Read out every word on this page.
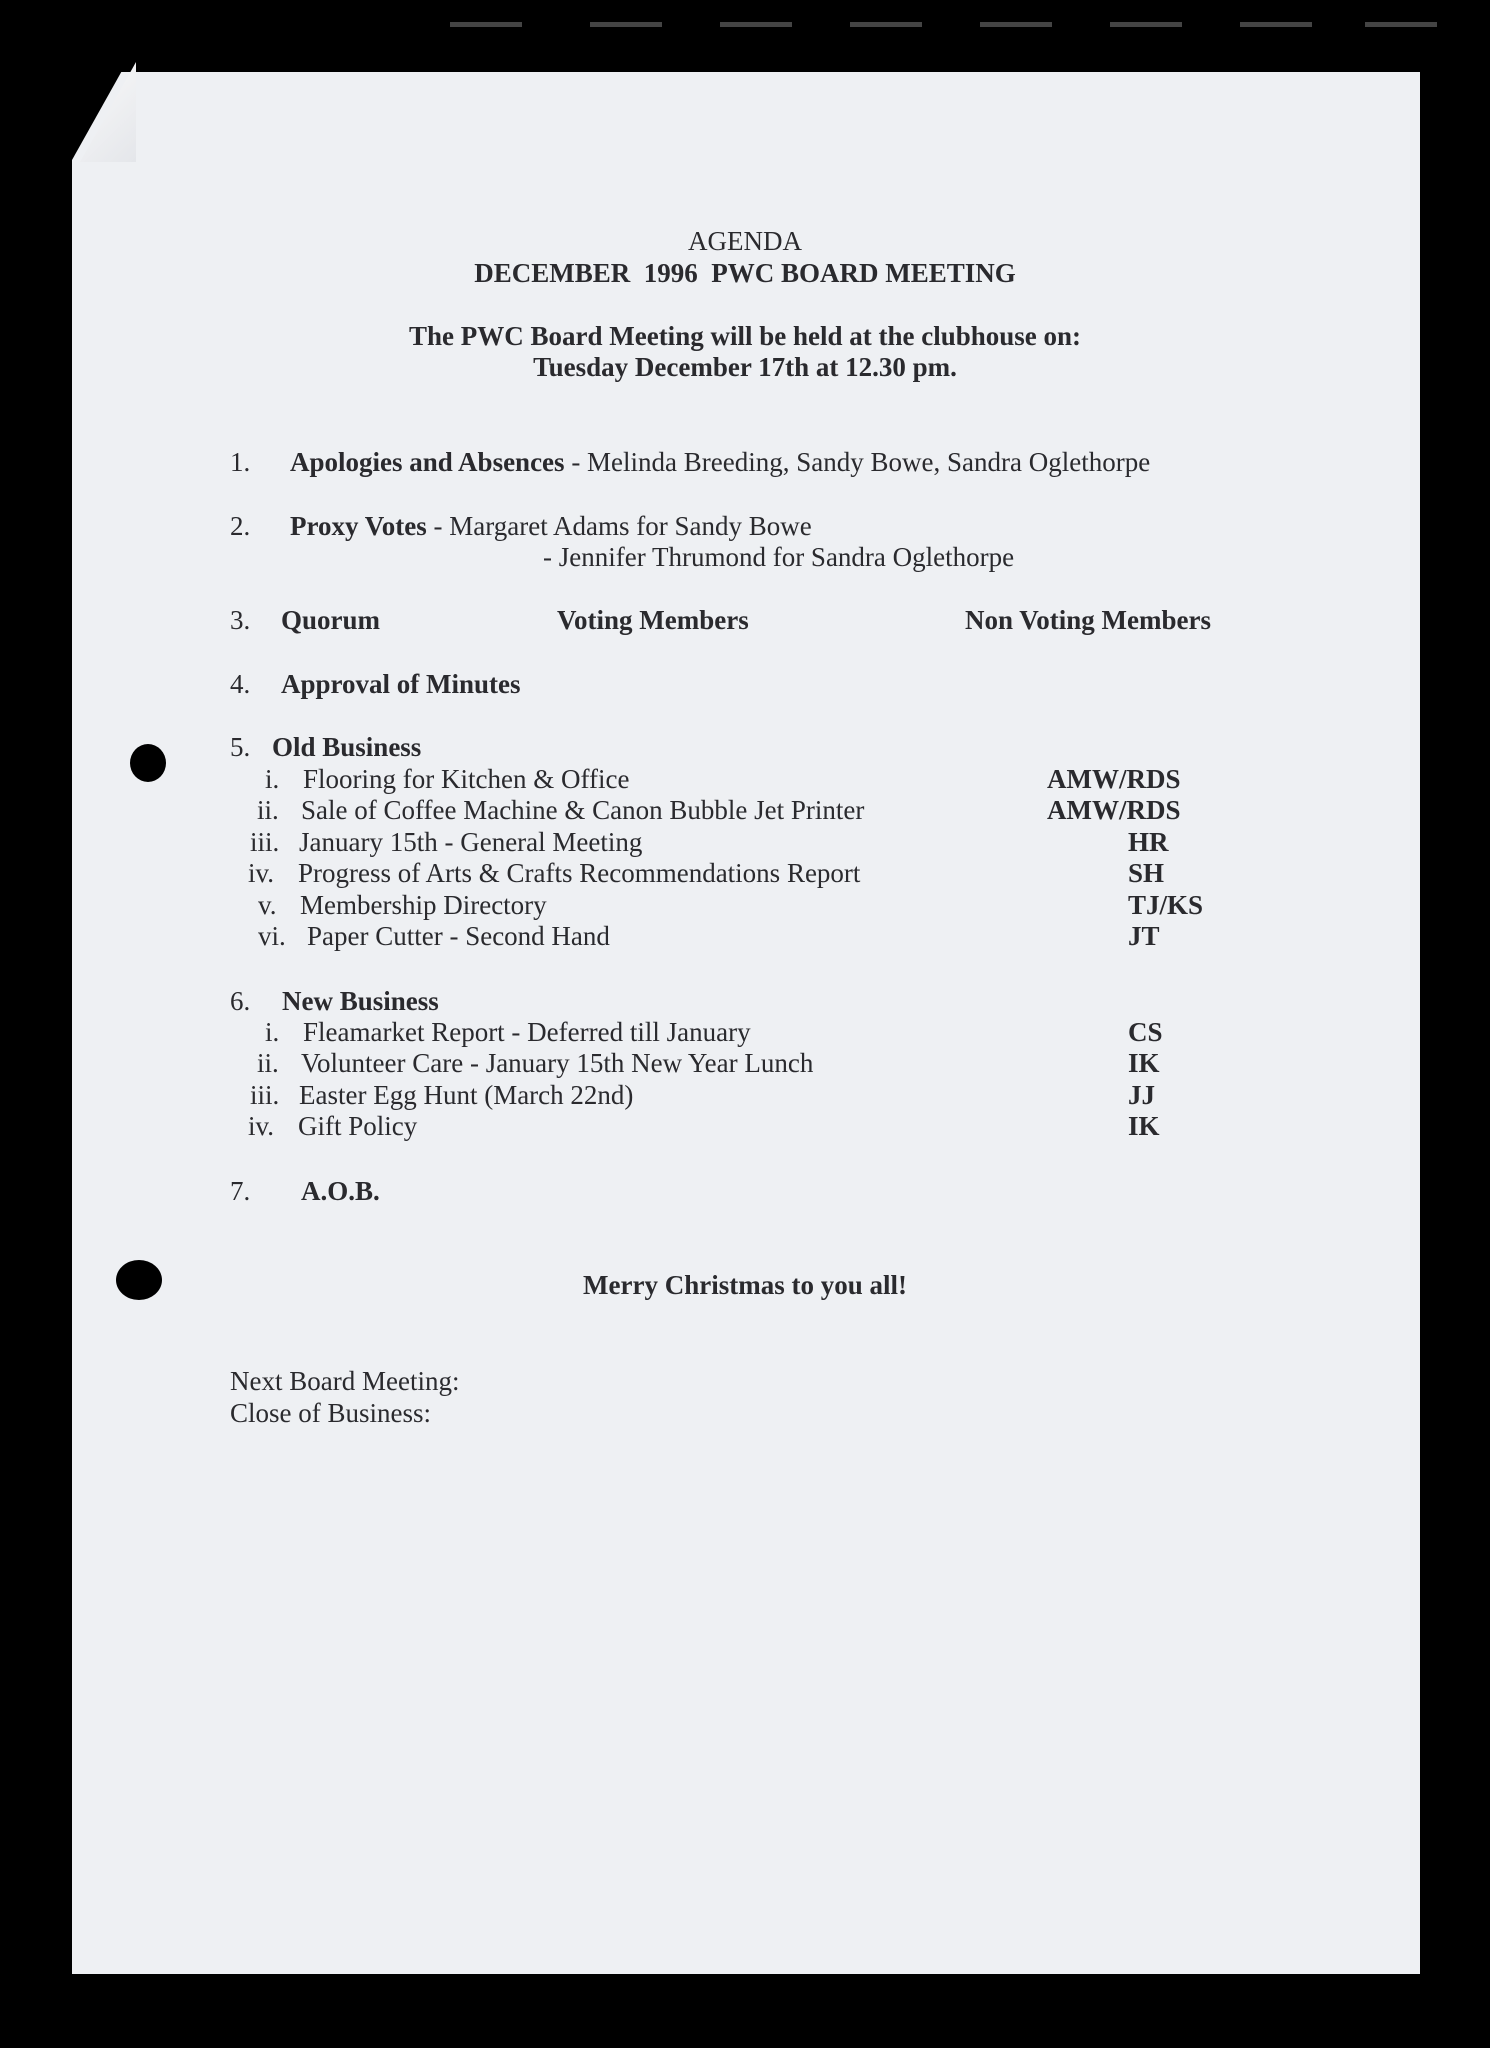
AGENDA
DECEMBER  1996  PWC BOARD MEETING
The PWC Board Meeting will be held at the clubhouse on:
Tuesday December 17th at 12.30 pm.
1. Apologies and Absences - Melinda Breeding, Sandy Bowe, Sandra Oglethorpe
2. Proxy Votes - Margaret Adams for Sandy Bowe
- Jennifer Thrumond for Sandra Oglethorpe
3. Quorum	Voting Members	Non Voting Members
4. Approval of Minutes
5. Old Business
i. Flooring for Kitchen & Office	AMW/RDS
ii. Sale of Coffee Machine & Canon Bubble Jet Printer	AMW/RDS
iii. January 15th - General Meeting	HR
iv. Progress of Arts & Crafts Recommendations Report	SH
v. Membership Directory	TJ/KS
vi. Paper Cutter - Second Hand	JT
6. New Business
i. Fleamarket Report - Deferred till January	CS
ii. Volunteer Care - January 15th New Year Lunch	IK
iii. Easter Egg Hunt (March 22nd)	JJ
iv. Gift Policy	IK
7. A.O.B.
Merry Christmas to you all!
Next Board Meeting:
Close of Business:
